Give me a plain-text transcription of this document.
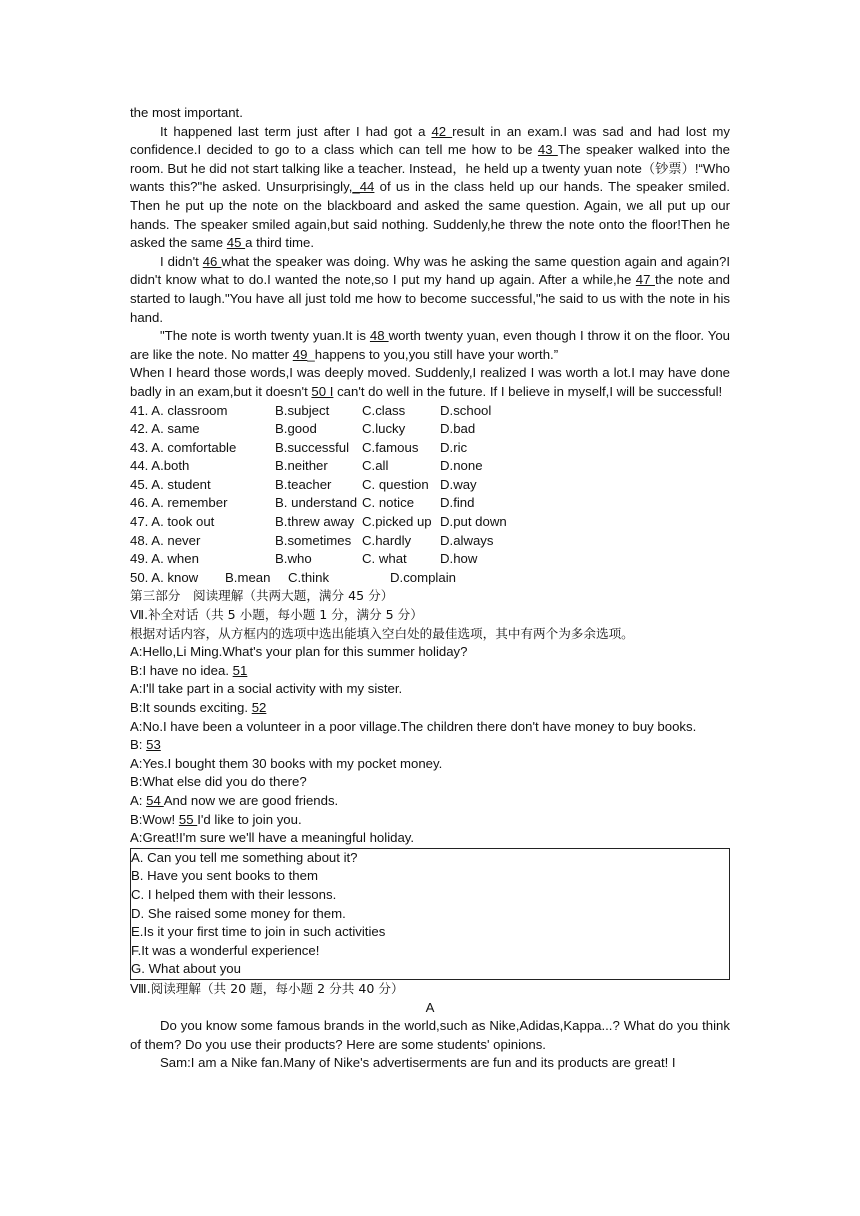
the most important.

It happened last term just after I had got a 42 result in an exam.I was sad and had lost my confidence.I decided to go to a class which can tell me how to be 43 The speaker walked into the room. But he did not start talking like a teacher. Instead，he held up a twenty yuan note（钞票）!“Who wants this?"he asked. Unsurprisingly,_44 of us in the class held up our hands. The speaker smiled. Then he put up the note on the blackboard and asked the same question. Again, we all put up our hands. The speaker smiled again,but said nothing. Suddenly,he threw the note onto the floor!Then he asked the same 45 a third time.

I didn't 46 what the speaker was doing. Why was he asking the same question again and again?I didn't know what to do.I wanted the note,so I put my hand up again. After a while,he 47 the note and started to laugh."You have all just told me how to become successful,"he said to us with the note in his hand.

"The note is worth twenty yuan.It is 48 worth twenty yuan, even though I throw it on the floor. You are like the note. No matter 49_happens to you,you still have your worth.”

When I heard those words,I was deeply moved. Suddenly,I realized I was worth a lot.I may have done badly in an exam,but it doesn't 50 I can't do well in the future. If I believe in myself,I will be successful!

41. A. classroom	B.subject C.class	D.school
42. A. same	B.good	C.lucky	D.bad
43. A. comfortable	B.successful C.famous D.ric
44. A.both	B.neither	C.all	D.none
45. A. student	B.teacher C. question D.way
46. A. remember	B. understand C. notice D.find
47. A. took out	B.threw away C.picked up D.put down
48. A. never	B.sometimes C.hardly D.always
49. A. when	B.who	C. what	D.how
50. A. know B.mean C.think	D.complain

第三部分　阅读理解（共两大题，满分 45 分）

Ⅶ.补全对话（共 5 小题，每小题 1 分，满分 5 分）

根据对话内容，从方框内的选项中选出能填入空白处的最佳选项，其中有两个为多余选项。

A:Hello,Li Ming.What's your plan for this summer holiday?

B:I have no idea. 51

A:I'll take part in a social activity with my sister.

B:It sounds exciting. 52

A:No.I have been a volunteer in a poor village.The children there don't have money to buy books.

B: 53

A:Yes.I bought them 30 books with my pocket money.

B:What else did you do there?

A: 54 And now we are good friends.

B:Wow! 55 I'd like to join you.

A:Great!I'm sure we'll have a meaningful holiday.

A. Can you tell me something about it?

B. Have you sent books to them

C. I helped them with their lessons.

D. She raised some money for them.

E.Is it your first time to join in such activities

F.It was a wonderful experience!

G. What about you

Ⅷ.阅读理解（共 20 题，每小题 2 分共 40 分）

A

Do you know some famous brands in the world,such as Nike,Adidas,Kappa...? What do you think of them? Do you use their products? Here are some students' opinions.

Sam:I am a Nike fan.Many of Nike's advertiserments are fun and its products are great! I
